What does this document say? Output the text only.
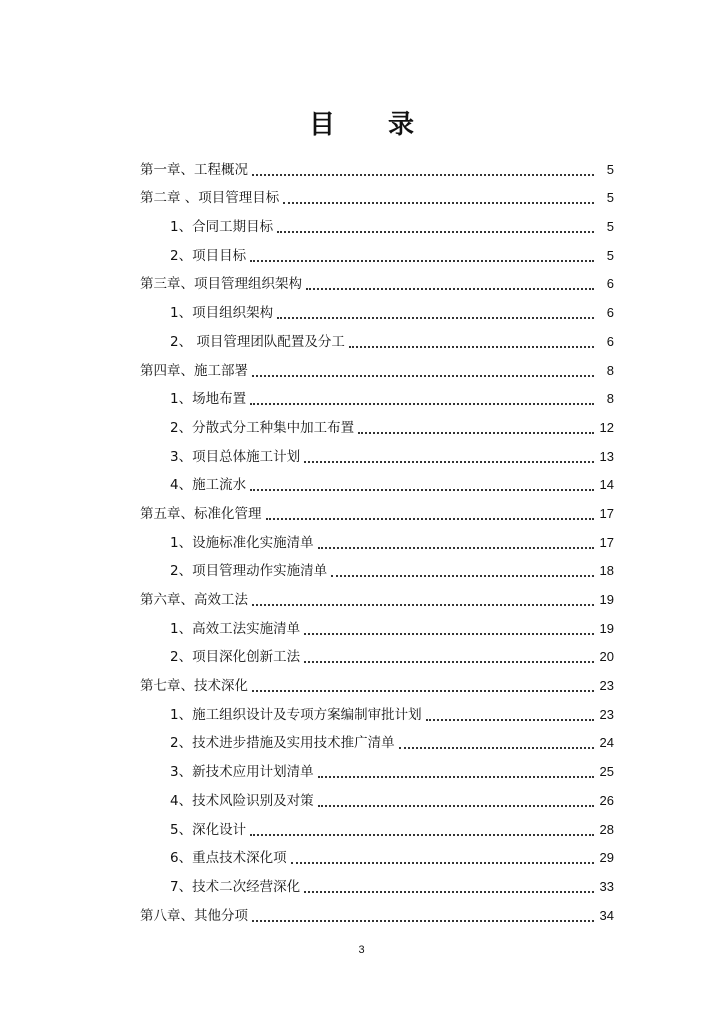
目 录
第一章、工程概况	5
第二章 、项目管理目标	5
1、合同工期目标	5
2、项目目标	5
第三章、项目管理组织架构	6
1、项目组织架构	6
2、 项目管理团队配置及分工	6
第四章、施工部署	8
1、场地布置	8
2、分散式分工种集中加工布置	12
3、项目总体施工计划	13
4、施工流水	14
第五章、标准化管理	17
1、设施标准化实施清单	17
2、项目管理动作实施清单	18
第六章、高效工法	19
1、高效工法实施清单	19
2、项目深化创新工法	20
第七章、技术深化	23
1、施工组织设计及专项方案编制审批计划	23
2、技术进步措施及实用技术推广清单	24
3、新技术应用计划清单	25
4、技术风险识别及对策	26
5、深化设计	28
6、重点技术深化项	29
7、技术二次经营深化	33
第八章、其他分项	34
3
